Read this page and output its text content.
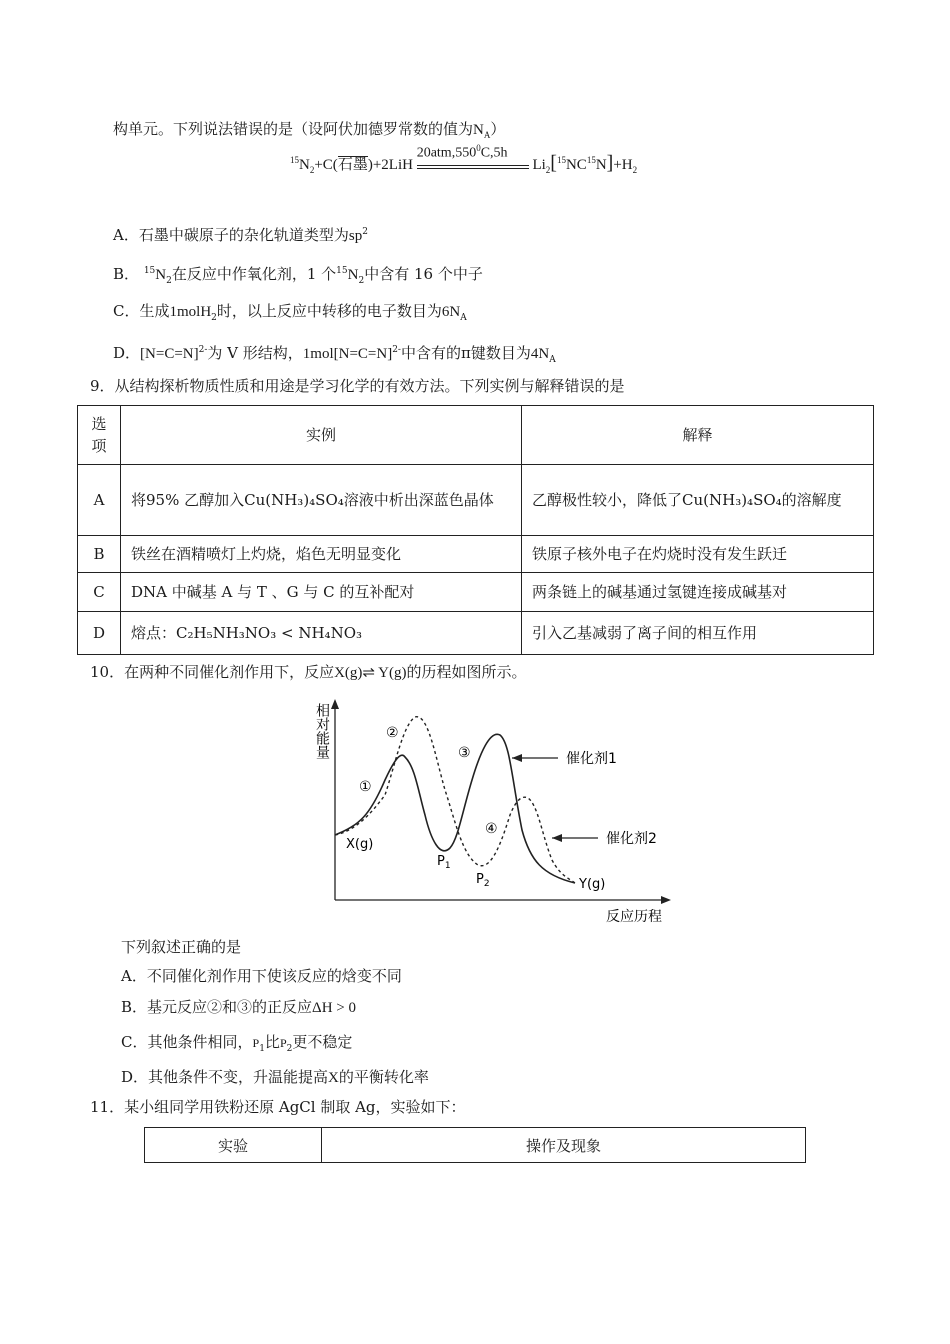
构单元。下列说法错误的是（设阿伏加德罗常数的值为$N_A$）
$^{15}N_2+C$(石墨)+2LiH
20atm,550$^0$C,5h
$Li_2[^{15}NC^{15}N]+H_2$
A．石墨中碳原子的杂化轨道类型为$sp^2$
B． $^{15}N_2$在反应中作氧化剂，1 个$^{15}N_2$中含有 16 个中子
C．生成1molH$_2$时，以上反应中转移的电子数目为$6N_A$
D．[N=C=N]$^{2-}$为 V 形结构，1mol[N=C=N]$^{2-}$中含有的π键数目为$4N_A$
9．从结构探析物质性质和用途是学习化学的有效方法。下列实例与解释错误的是
选
项	实例	解释
A	将95% 乙醇加入Cu(NH₃)₄SO₄溶液中析出深蓝色晶体	乙醇极性较小，降低了Cu(NH₃)₄SO₄的溶解度
B	铁丝在酒精喷灯上灼烧，焰色无明显变化	铁原子核外电子在灼烧时没有发生跃迁
C	DNA 中碱基 A 与 T 、G 与 C 的互补配对	两条链上的碱基通过氢键连接成碱基对
D	熔点：C₂H₅NH₃NO₃ < NH₄NO₃	引入乙基减弱了离子间的相互作用
10．在两种不同催化剂作用下，反应X(g)⇌ Y(g)的历程如图所示。
相对能量
反应历程
①
②
③
④
催化剂1
催化剂2
X(g)
$P_1$
$P_2$	Y(g)
下列叙述正确的是
A．不同催化剂作用下使该反应的焓变不同
B．基元反应②和③的正反应ΔH > 0
C．其他条件相同，$P_1$比$P_2$更不稳定
D．其他条件不变，升温能提高X的平衡转化率
11．某小组同学用铁粉还原 AgCl 制取 Ag，实验如下：
实验	操作及现象
